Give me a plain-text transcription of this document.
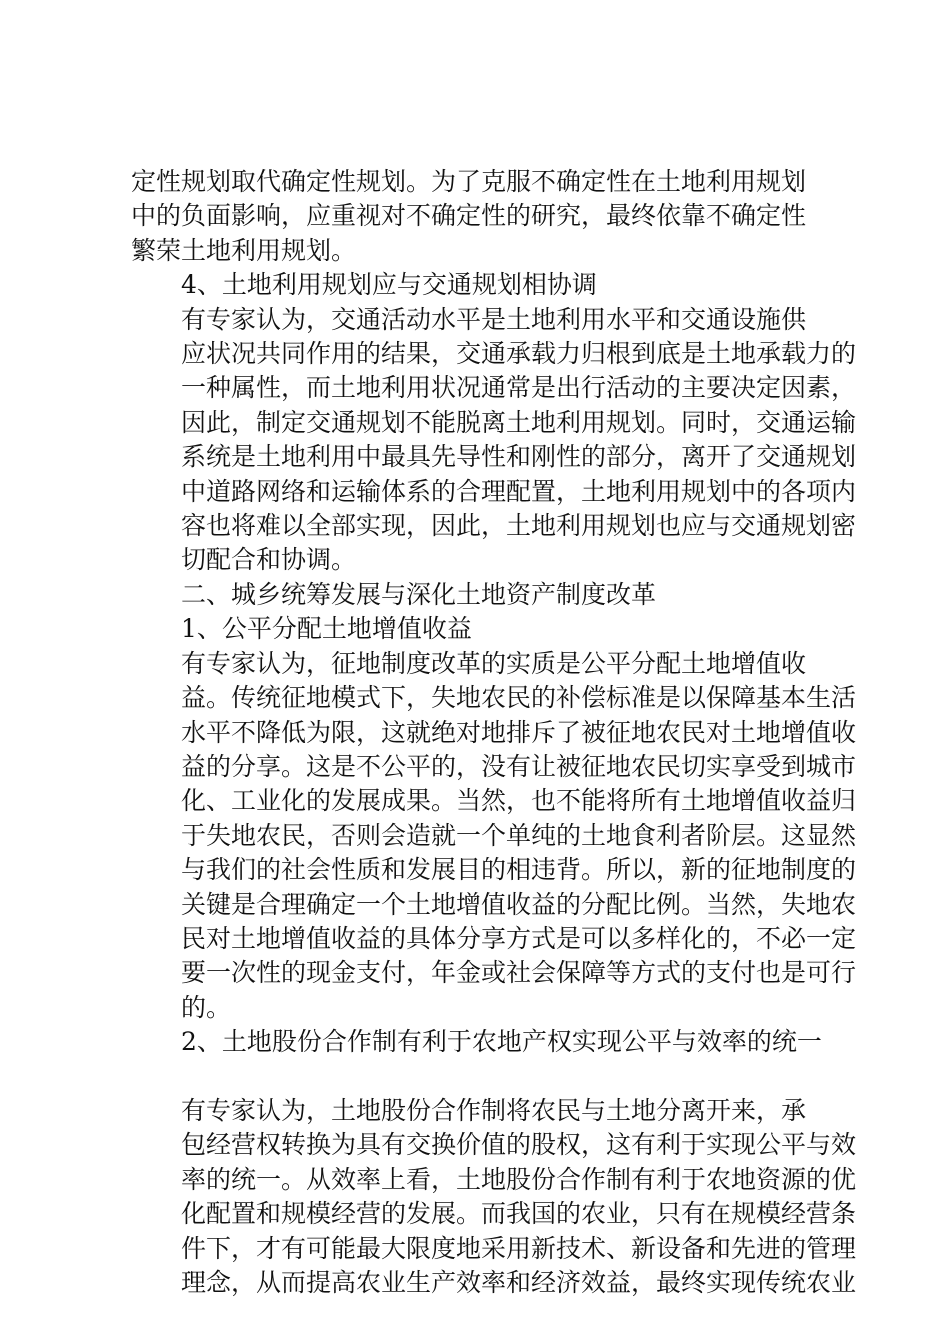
定性规划取代确定性规划。为了克服不确定性在土地利用规划
中的负面影响，应重视对不确定性的研究，最终依靠不确定性
繁荣土地利用规划。

4、土地利用规划应与交通规划相协调

有专家认为，交通活动水平是土地利用水平和交通设施供
应状况共同作用的结果，交通承载力归根到底是土地承载力的
一种属性，而土地利用状况通常是出行活动的主要决定因素，
因此，制定交通规划不能脱离土地利用规划。同时，交通运输
系统是土地利用中最具先导性和刚性的部分，离开了交通规划
中道路网络和运输体系的合理配置，土地利用规划中的各项内
容也将难以全部实现，因此，土地利用规划也应与交通规划密
切配合和协调。

二、城乡统筹发展与深化土地资产制度改革

1、公平分配土地增值收益

有专家认为，征地制度改革的实质是公平分配土地增值收
益。传统征地模式下，失地农民的补偿标准是以保障基本生活
水平不降低为限，这就绝对地排斥了被征地农民对土地增值收
益的分享。这是不公平的，没有让被征地农民切实享受到城市
化、工业化的发展成果。当然，也不能将所有土地增值收益归
于失地农民，否则会造就一个单纯的土地食利者阶层。这显然
与我们的社会性质和发展目的相违背。所以，新的征地制度的
关键是合理确定一个土地增值收益的分配比例。当然，失地农
民对土地增值收益的具体分享方式是可以多样化的，不必一定
要一次性的现金支付，年金或社会保障等方式的支付也是可行
的。

2、土地股份合作制有利于农地产权实现公平与效率的统一

有专家认为，土地股份合作制将农民与土地分离开来，承
包经营权转换为具有交换价值的股权，这有利于实现公平与效
率的统一。从效率上看，土地股份合作制有利于农地资源的优
化配置和规模经营的发展。而我国的农业，只有在规模经营条
件下，才有可能最大限度地采用新技术、新设备和先进的管理
理念，从而提高农业生产效率和经济效益，最终实现传统农业
